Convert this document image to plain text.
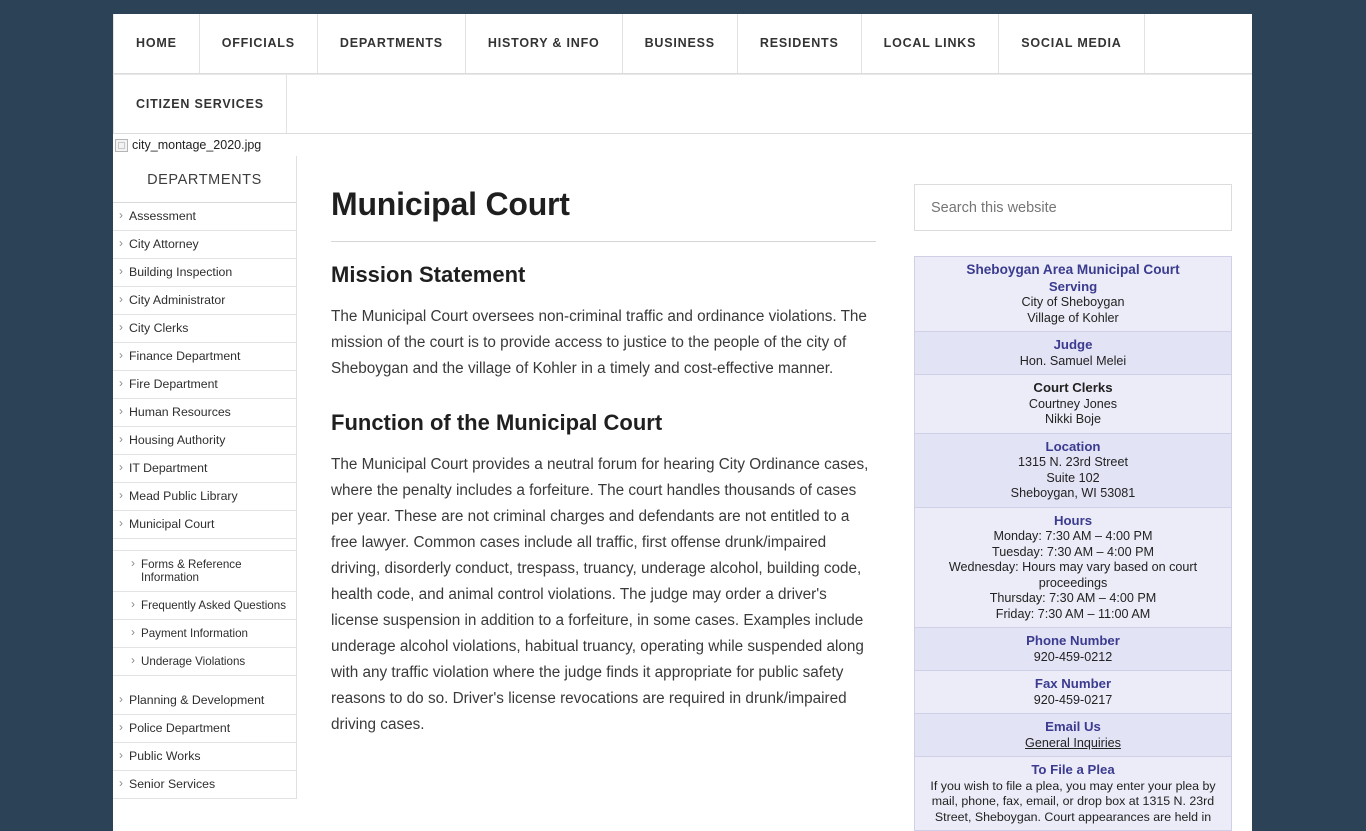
HOME	OFFICIALS	DEPARTMENTS	HISTORY & INFO	BUSINESS	RESIDENTS	LOCAL LINKS	SOCIAL MEDIA
CITIZEN SERVICES
city_montage_2020.jpg
DEPARTMENTS
› Assessment
› City Attorney
› Building Inspection
› City Administrator
› City Clerks
› Finance Department
› Fire Department
› Human Resources
› Housing Authority
› IT Department
› Mead Public Library
› Municipal Court
› Forms & Reference Information
› Frequently Asked Questions
› Payment Information
› Underage Violations
› Planning & Development
› Police Department
› Public Works
› Senior Services
Municipal Court
Mission Statement

The Municipal Court oversees non-criminal traffic and ordinance violations. The mission of the court is to provide access to justice to the people of the city of Sheboygan and the village of Kohler in a timely and cost-effective manner.

Function of the Municipal Court

The Municipal Court provides a neutral forum for hearing City Ordinance cases, where the penalty includes a forfeiture. The court handles thousands of cases per year. These are not criminal charges and defendants are not entitled to a free lawyer. Common cases include all traffic, first offense drunk/impaired driving, disorderly conduct, trespass, truancy, underage alcohol, building code, health code, and animal control violations. The judge may order a driver's license suspension in addition to a forfeiture, in some cases. Examples include underage alcohol violations, habitual truancy, operating while suspended along with any traffic violation where the judge finds it appropriate for public safety reasons to do so. Driver's license revocations are required in drunk/impaired driving cases.

Search this website
Sheboygan Area Municipal Court
Serving
City of Sheboygan
Village of Kohler

Judge
Hon. Samuel Melei

Court Clerks
Courtney Jones
Nikki Boje

Location
1315 N. 23rd Street
Suite 102
Sheboygan, WI 53081

Hours
Monday: 7:30 AM – 4:00 PM
Tuesday: 7:30 AM – 4:00 PM
Wednesday: Hours may vary based on court proceedings
Thursday: 7:30 AM – 4:00 PM
Friday: 7:30 AM – 11:00 AM

Phone Number
920-459-0212

Fax Number
920-459-0217

Email Us
General Inquiries

To File a Plea
If you wish to file a plea, you may enter your plea by mail, phone, fax, email, or drop box at 1315 N. 23rd Street, Sheboygan. Court appearances are held in
